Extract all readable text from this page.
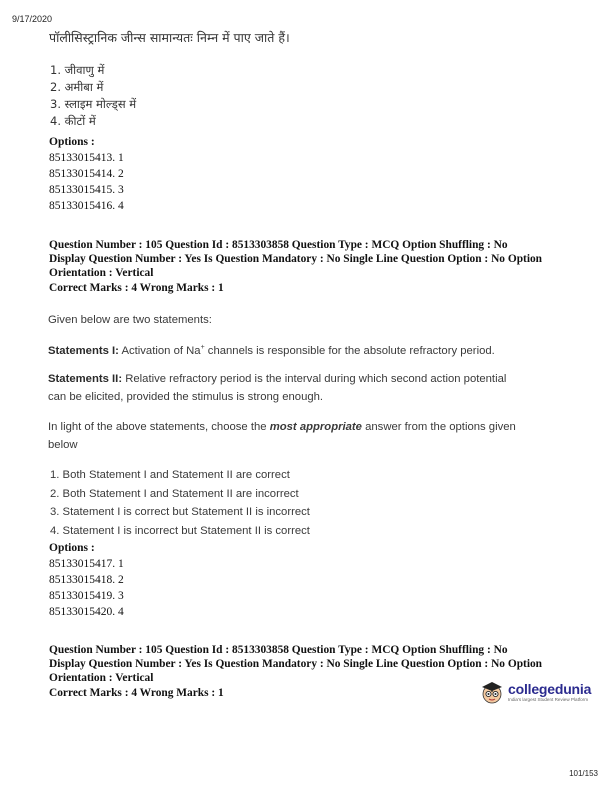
9/17/2020
पॉलीसिस्ट्रानिक जीन्स सामान्यतः निम्न में पाए जाते हैं।
1. जीवाणु में
2. अमीबा में
3. स्लाइम मोल्ड्स में
4. कीटों में
Options :
85133015413. 1
85133015414. 2
85133015415. 3
85133015416. 4
Question Number : 105 Question Id : 8513303858 Question Type : MCQ Option Shuffling : No
Display Question Number : Yes Is Question Mandatory : No Single Line Question Option : No Option
Orientation : Vertical
Correct Marks : 4 Wrong Marks : 1
Given below are two statements:
Statements I: Activation of Na+ channels is responsible for the absolute refractory period.
Statements II: Relative refractory period is the interval during which second action potential
can be elicited, provided the stimulus is strong enough.
In light of the above statements, choose the most appropriate answer from the options given
below
1. Both Statement I and Statement II are correct
2. Both Statement I and Statement II are incorrect
3. Statement I is correct but Statement II is incorrect
4. Statement I is incorrect but Statement II is correct
Options :
85133015417. 1
85133015418. 2
85133015419. 3
85133015420. 4
Question Number : 105 Question Id : 8513303858 Question Type : MCQ Option Shuffling : No
Display Question Number : Yes Is Question Mandatory : No Single Line Question Option : No Option
Orientation : Vertical
Correct Marks : 4 Wrong Marks : 1	collegedunia
India's largest Student Review Platform
101/153
